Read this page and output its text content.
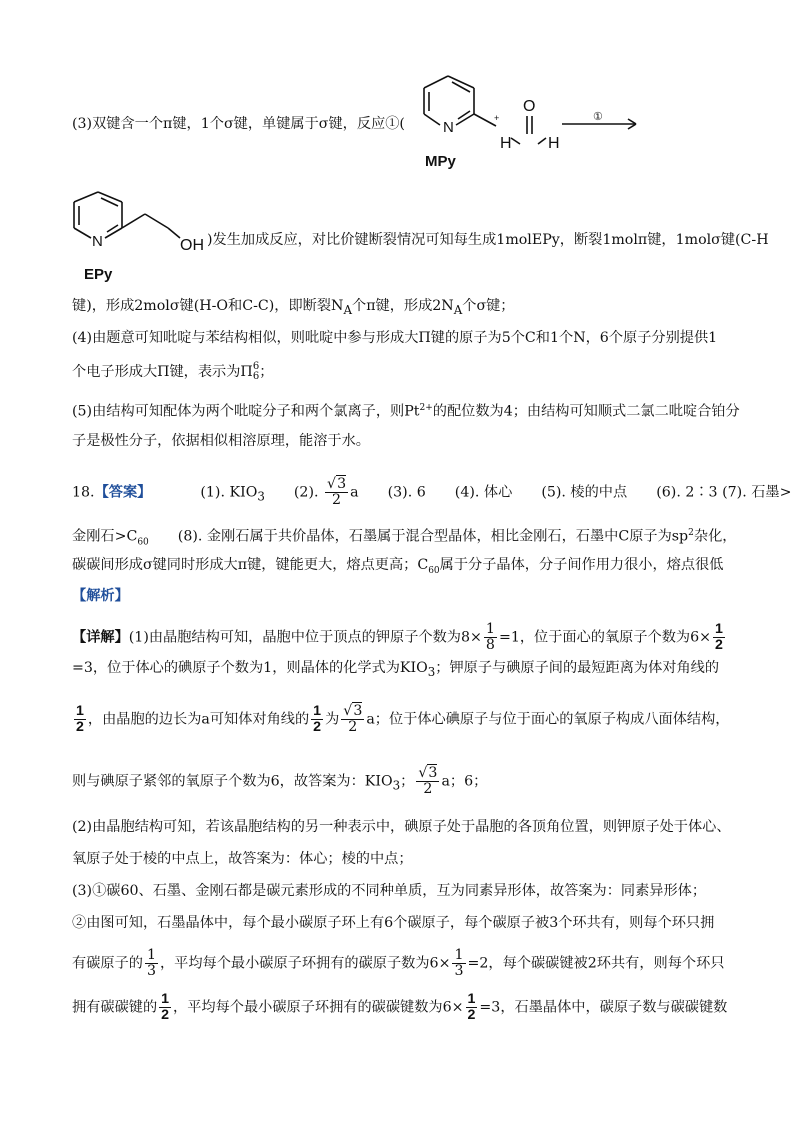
(3)双键含一个π键，1个σ键，单键属于σ键，反应①(	N
O
H H
①
+
MPy
N	OH )发生加成反应，对比价键断裂情况可知每生成1molEPy，断裂1molπ键，1molσ键(C-H
EPy
键)，形成2molσ键(H-O和C-C)，即断裂$N_A$个π键，形成$2N_A$个σ键；
(4)由题意可知吡啶与苯结构相似，则吡啶中参与形成大Π键的原子为5个C和1个N，6个原子分别提供1
个电子形成大Π键，表示为Π 6
6 ；
(5)由结构可知配体为两个吡啶分子和两个氯离子，则$Pt^{2+}$的配位数为4；由结构可知顺式二氯二吡啶合铂分
子是极性分子，依据相似相溶原理，能溶于水。
18.【答案】	(1). $KIO_3$ (2). $\frac{√3}{2}$ a (3). 6 (4). 体心 (5). 棱的中点 (6). 2∶3 (7). 石墨>
金刚石$>C_{60}$ (8). 金刚石属于共价晶体，石墨属于混合型晶体，相比金刚石，石墨中C原子为$sp^2$杂化，
碳碳间形成σ键同时形成大π键，键能更大，熔点更高；$C_{60}$属于分子晶体，分子间作用力很小，熔点很低
【解析】
【详解】(1)由晶胞结构可知，晶胞中位于顶点的钾原子个数为$8\times \frac{1}{8} =1$，位于面心的氧原子个数为$6\times \frac{1}{2}$
=3，位于体心的碘原子个数为1，则晶体的化学式为$KIO_3$；钾原子与碘原子间的最短距离为体对角线的
$\frac{1}{2}$ ，由晶胞的边长为a可知体对角线的 $\frac{1}{2}$ 为 $\frac{√3}{2}$ a；位于体心碘原子与位于面心的氧原子构成八面体结构，
则与碘原子紧邻的氧原子个数为6，故答案为：$KIO_3$； $\frac{√3}{2}$ a；6；
(2)由晶胞结构可知，若该晶胞结构的另一种表示中，碘原子处于晶胞的各顶角位置，则钾原子处于体心、
氧原子处于棱的中点上，故答案为：体心；棱的中点；
(3)①碳60、石墨、金刚石都是碳元素形成的不同种单质，互为同素异形体，故答案为：同素异形体；
②由图可知，石墨晶体中，每个最小碳原子环上有6个碳原子，每个碳原子被3个环共有，则每个环只拥
有碳原子的 $\frac{1}{3}$ ，平均每个最小碳原子环拥有的碳原子数为$6\times \frac{1}{3} =2$，每个碳碳键被2环共有，则每个环只
拥有碳碳键的 $\frac{1}{2}$ ，平均每个最小碳原子环拥有的碳碳键数为$6\times \frac{1}{2} =3$，石墨晶体中，碳原子数与碳碳键数
